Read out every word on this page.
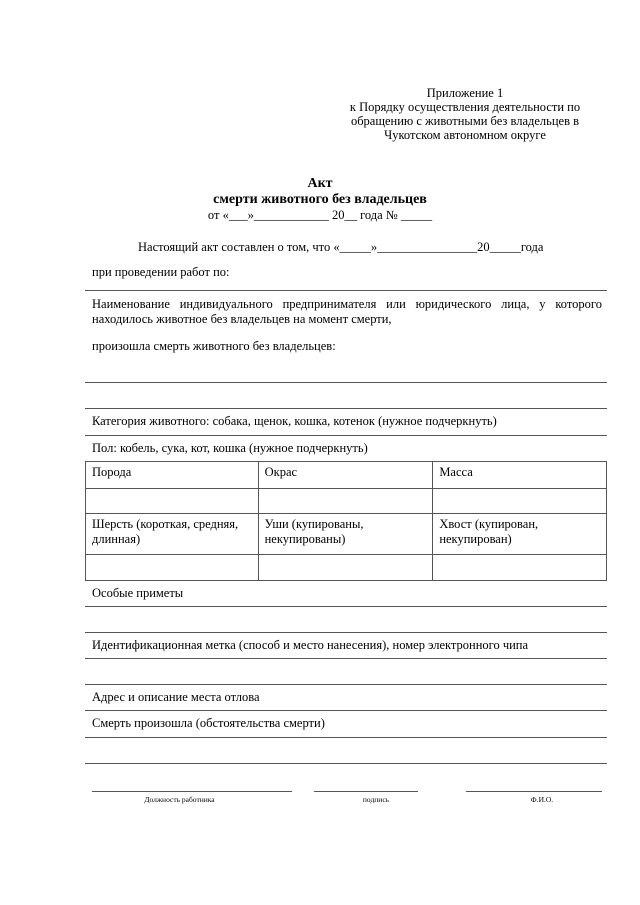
Приложение 1
к Порядку осуществления деятельности по
обращению с животными без владельцев в
Чукотском автономном округе
Акт
смерти животного без владельцев
от «___»____________ 20__ года № _____
Настоящий акт составлен о том, что «_____»________________20_____года
при проведении работ по:
Наименование индивидуального предпринимателя или юридического лица, у которого находилось животное без владельцев на момент смерти,
произошла смерть животного без владельцев:
Категория животного: собака, щенок, кошка, котенок (нужное подчеркнуть)
Пол: кобель, сука, кот, кошка (нужное подчеркнуть)
Порода	Окрас	Масса

Шерсть (короткая, средняя, длинная)	Уши (купированы, некупированы)	Хвост (купирован, некупирован)

Особые приметы
Идентификационная метка (способ и место нанесения), номер электронного чипа
Адрес и описание места отлова
Смерть произошла (обстоятельства смерти)
Должность работника	подпись	Ф.И.О.
